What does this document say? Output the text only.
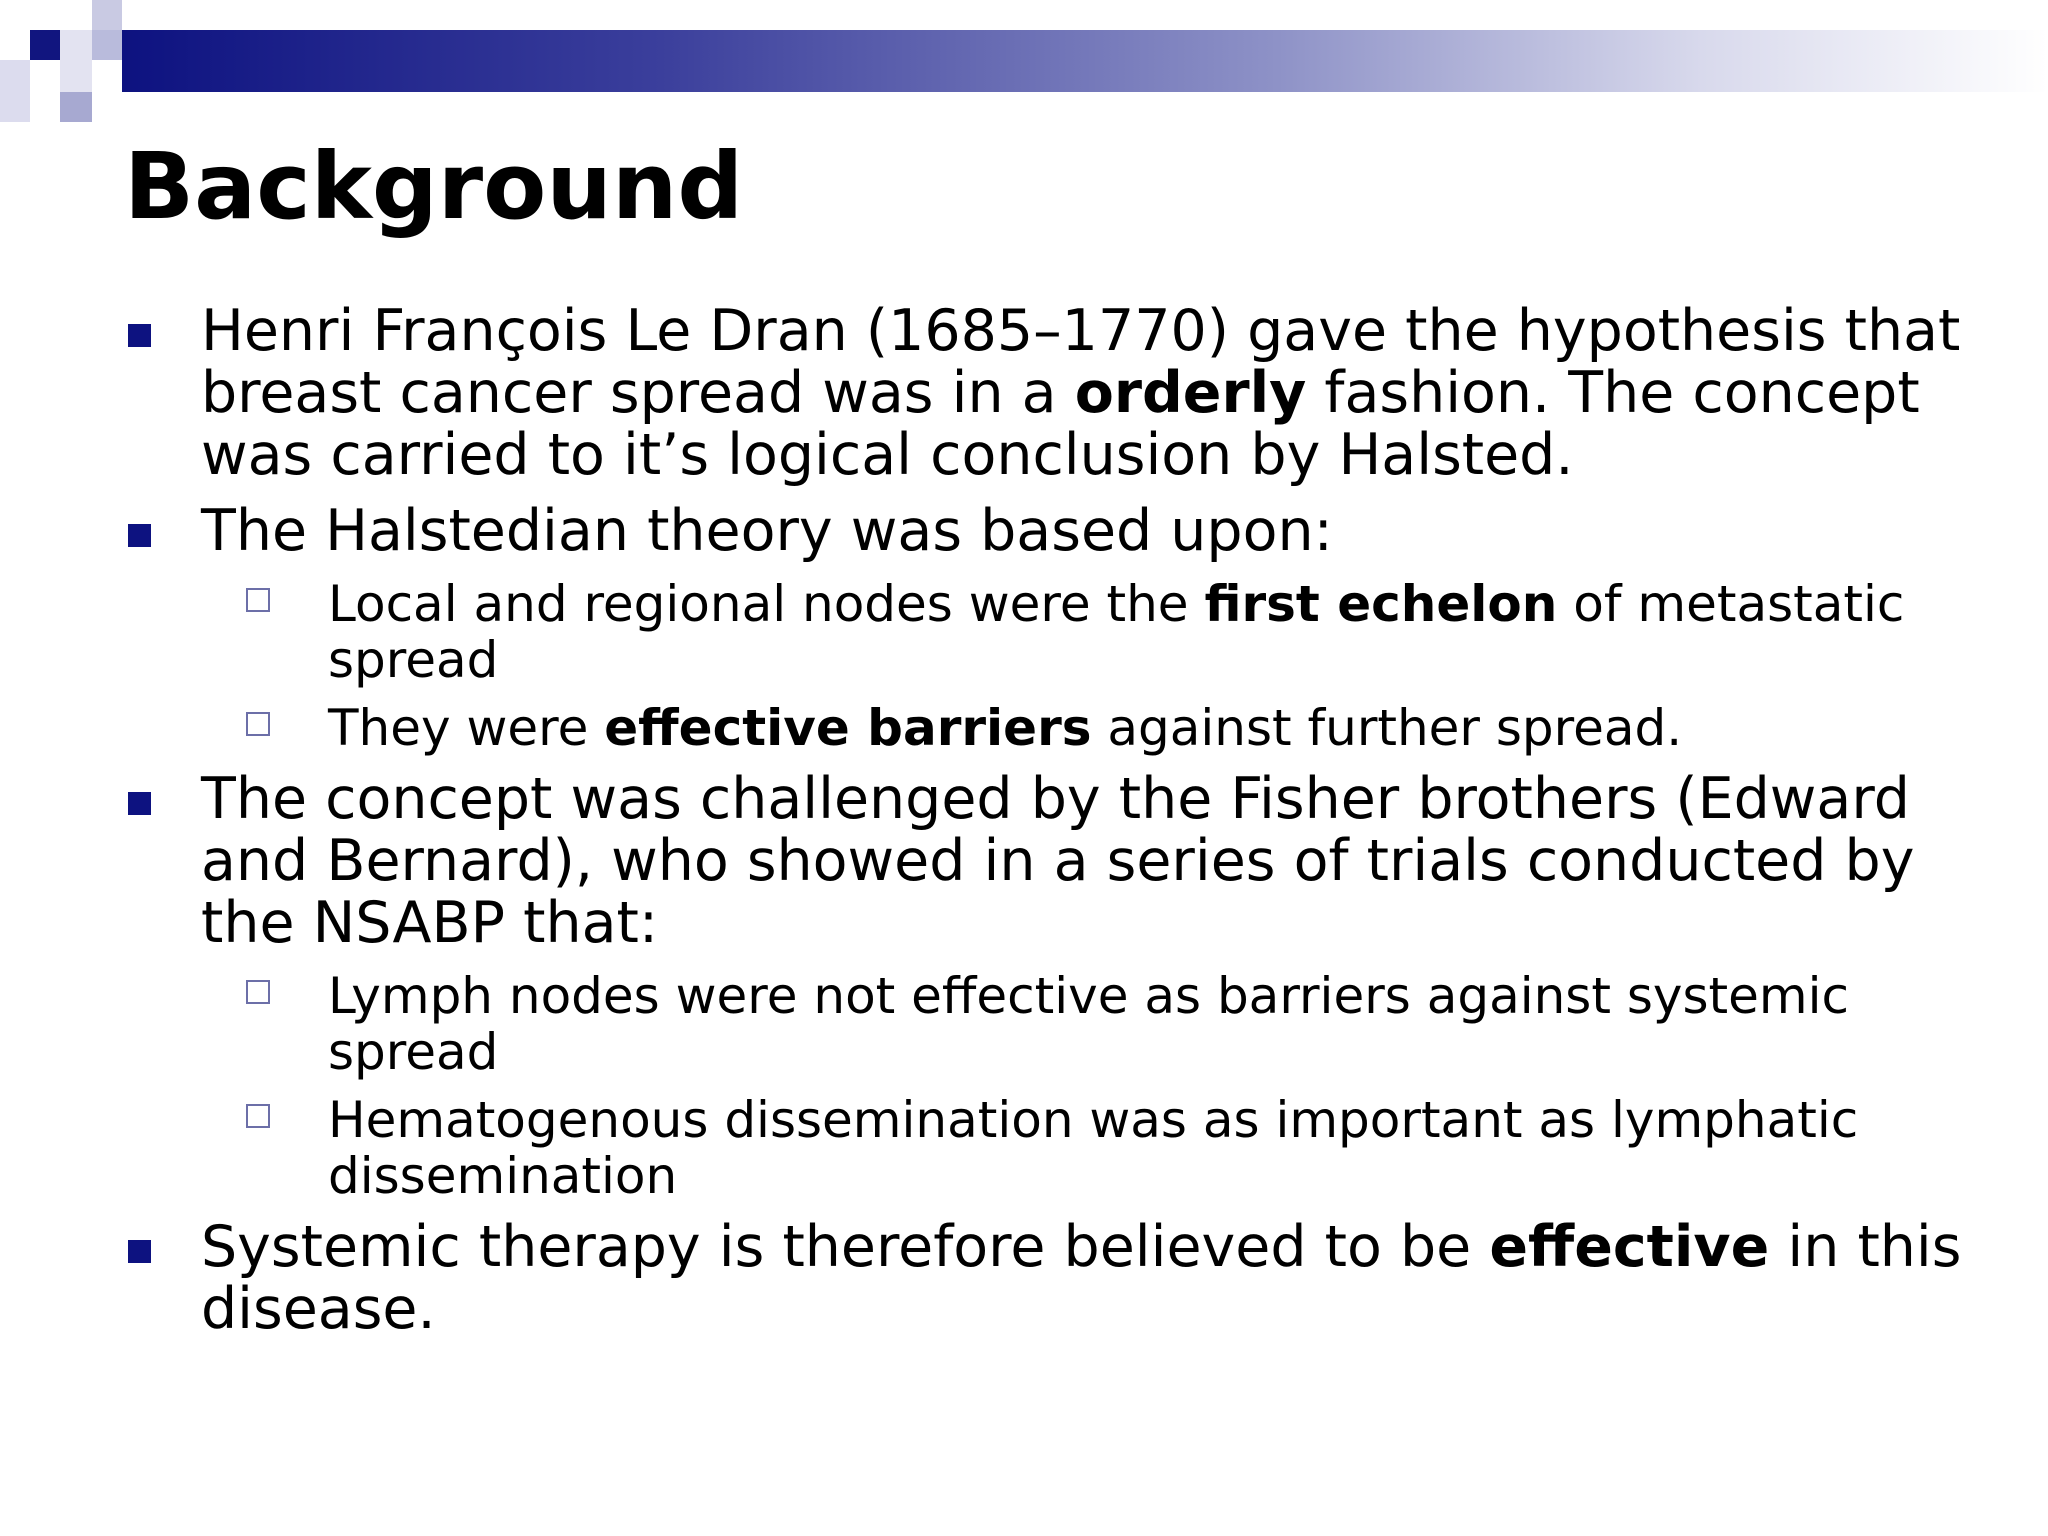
Background
Henri François Le Dran (1685–1770) gave the hypothesis that breast cancer spread was in a orderly fashion. The concept was carried to it’s logical conclusion by Halsted.
The Halstedian theory was based upon:
Local and regional nodes were the first echelon of metastatic spread
They were effective barriers against further spread.
The concept was challenged by the Fisher brothers (Edward and Bernard), who showed in a series of trials conducted by the NSABP that:
Lymph nodes were not effective as barriers against systemic spread
Hematogenous dissemination was as important as lymphatic dissemination
Systemic therapy is therefore believed to be effective in this disease.
